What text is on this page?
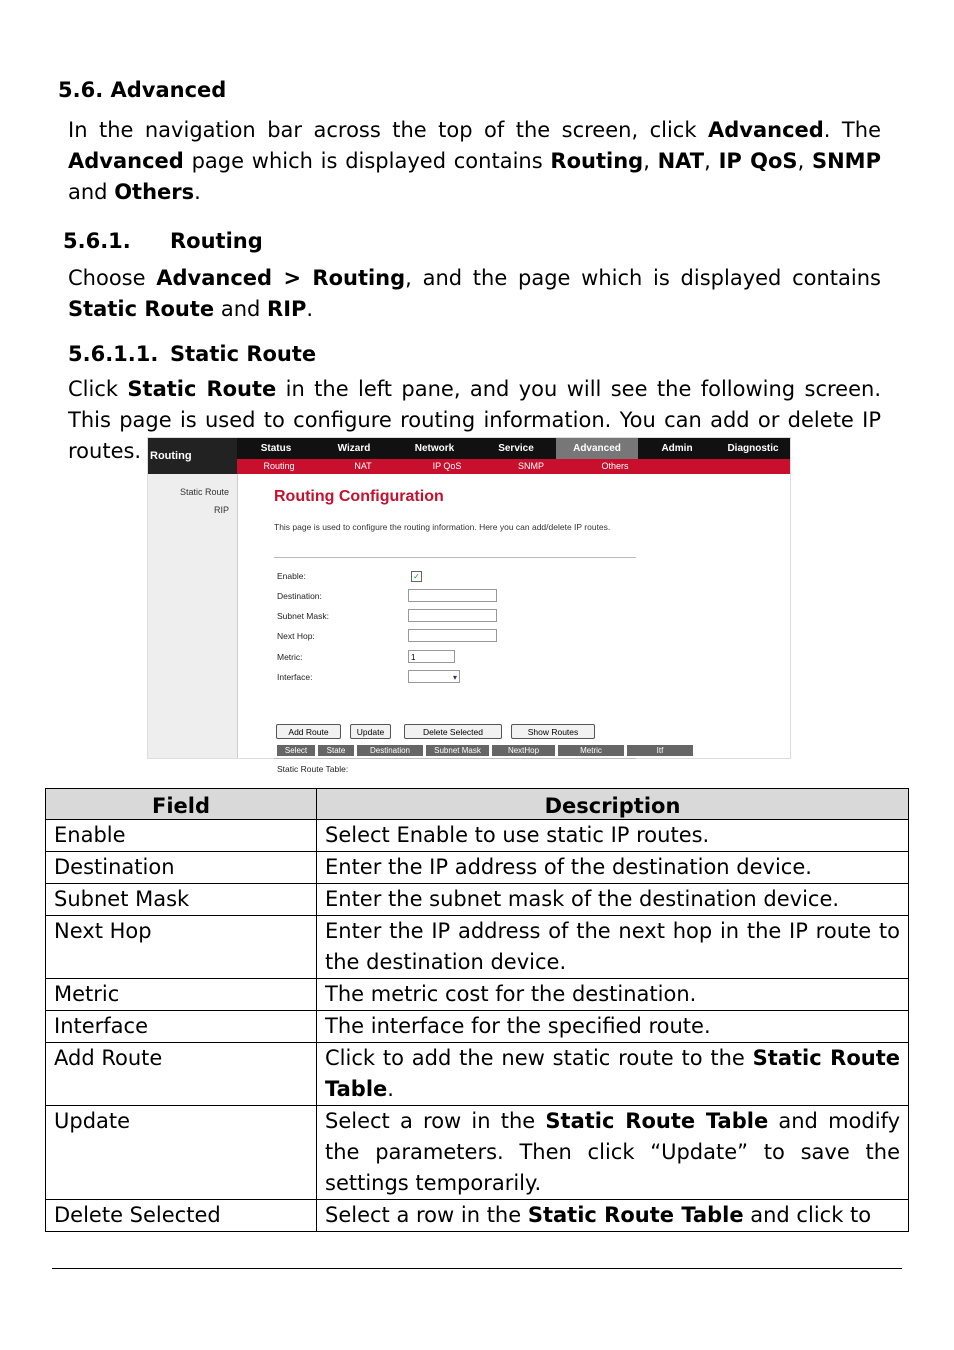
5.6. Advanced
In the navigation bar across the top of the screen, click Advanced. The Advanced page which is displayed contains Routing, NAT, IP QoS, SNMP and Others.
5.6.1. Routing
Choose Advanced > Routing, and the page which is displayed contains Static Route and RIP.
5.6.1.1. Static Route
Click Static Route in the left pane, and you will see the following screen. This page is used to configure routing information. You can add or delete IP routes. Routing
Status	Wizard	Network	Service	Advanced	Admin	Diagnostic
Routing	NAT	IP QoS	SNMP	Others
Static Route
RIP
Routing Configuration
This page is used to configure the routing information. Here you can add/delete IP routes.
Enable:	✓
Destination:
Subnet Mask:
Next Hop:
Metric:	1
Interface:	▾
Add Route	Update	Delete Selected	Show Routes
Static Route Table:
Select	State	Destination	Subnet Mask	NextHop	Metric	Itf
Field	Description
Enable	Select Enable to use static IP routes.
Destination	Enter the IP address of the destination device.
Subnet Mask	Enter the subnet mask of the destination device.
Next Hop	Enter the IP address of the next hop in the IP route to the destination device.
Metric	The metric cost for the destination.
Interface	The interface for the specified route.
Add Route	Click to add the new static route to the Static Route Table.
Update	Select a row in the Static Route Table and modify the parameters. Then click “Update” to save the settings temporarily.
Delete Selected	Select a row in the Static Route Table and click to
